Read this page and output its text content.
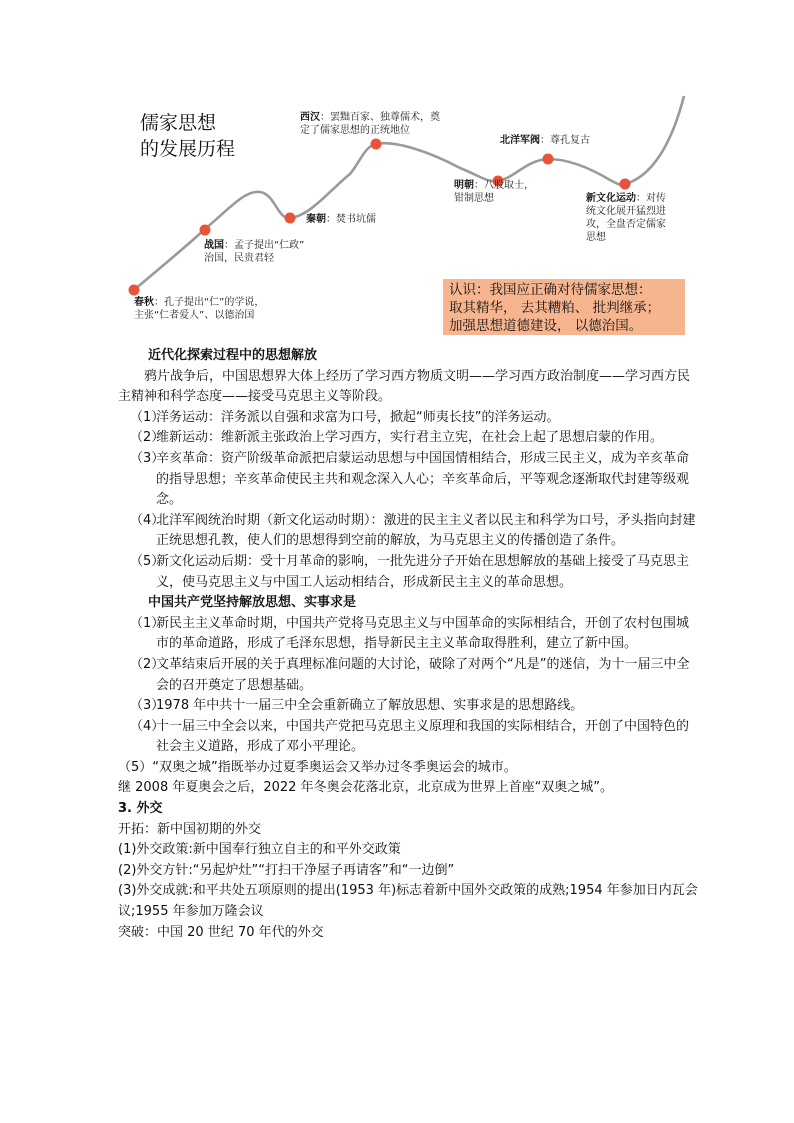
儒家思想
的发展历程
春秋：孔子提出“仁”的学说，
主张“仁者爱人”、以德治国
战国：孟子提出“仁政”
治国，民贵君轻
秦朝：焚书坑儒
西汉：罢黜百家、独尊儒术，奠
定了儒家思想的正统地位
明朝：八股取士，
钳制思想
北洋军阀：尊孔复古
新文化运动：对传
统文化展开猛烈进
攻，全盘否定儒家
思想
认识：我国应正确对待儒家思想：
取其精华， 去其糟粕、 批判继承；
加强思想道德建设， 以德治国。
近代化探索过程中的思想解放
鸦片战争后，中国思想界大体上经历了学习西方物质文明——学习西方政治制度——学习西方民主精神和科学态度——接受马克思主义等阶段。
（1）
洋务运动：洋务派以自强和求富为口号，掀起“师夷长技”的洋务运动。
（2）
维新运动：维新派主张政治上学习西方，实行君主立宪，在社会上起了思想启蒙的作用。
（3）
辛亥革命：资产阶级革命派把启蒙运动思想与中国国情相结合，形成三民主义，成为辛亥革命的指导思想；辛亥革命使民主共和观念深入人心；辛亥革命后，平等观念逐渐取代封建等级观念。
（4）
北洋军阀统治时期（新文化运动时期）：激进的民主主义者以民主和科学为口号，矛头指向封建正统思想孔教，使人们的思想得到空前的解放，为马克思主义的传播创造了条件。
（5）
新文化运动后期：受十月革命的影响，一批先进分子开始在思想解放的基础上接受了马克思主义，使马克思主义与中国工人运动相结合，形成新民主主义的革命思想。
中国共产党坚持解放思想、实事求是
（1）
新民主主义革命时期，中国共产党将马克思主义与中国革命的实际相结合，开创了农村包围城市的革命道路，形成了毛泽东思想，指导新民主主义革命取得胜利，建立了新中国。
（2）
文革结束后开展的关于真理标准问题的大讨论，破除了对两个“凡是”的迷信，为十一届三中全会的召开奠定了思想基础。
（3）
1978 年中共十一届三中全会重新确立了解放思想、实事求是的思想路线。
（4）
十一届三中全会以来，中国共产党把马克思主义原理和我国的实际相结合，开创了中国特色的社会主义道路，形成了邓小平理论。
（5）“双奥之城”指既举办过夏季奥运会又举办过冬季奥运会的城市。
继 2008 年夏奥会之后，2022 年冬奥会花落北京，北京成为世界上首座“双奥之城”。
3. 外交
开拓：新中国初期的外交
(1)外交政策:新中国奉行独立自主的和平外交政策
(2)外交方针:“另起炉灶”“打扫干净屋子再请客”和“一边倒”
(3)外交成就:和平共处五项原则的提出(1953 年)标志着新中国外交政策的成熟;1954 年参加日内瓦会议;1955 年参加万隆会议
突破：中国 20 世纪 70 年代的外交
